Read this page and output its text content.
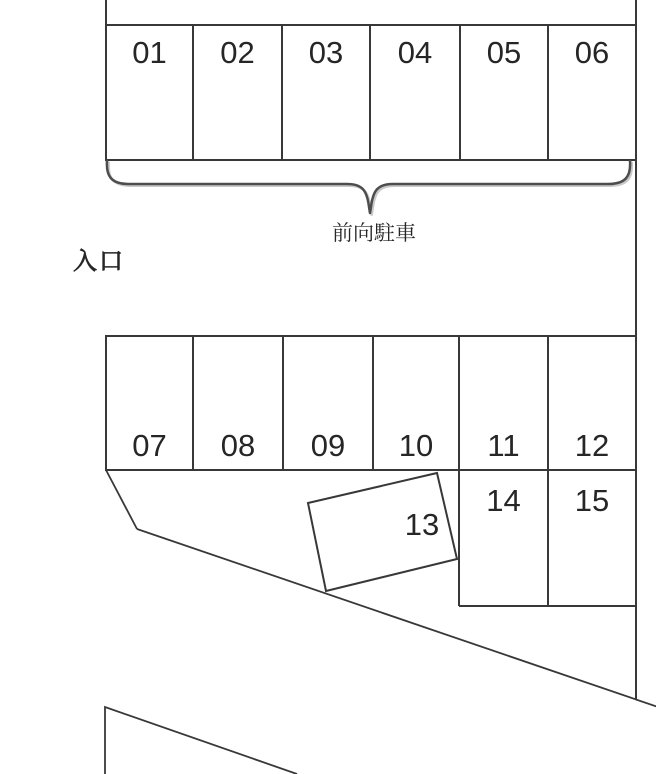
01	02	03	04	05	06
07	08	09	10	11	12
13
14	15
前向駐車
入口
